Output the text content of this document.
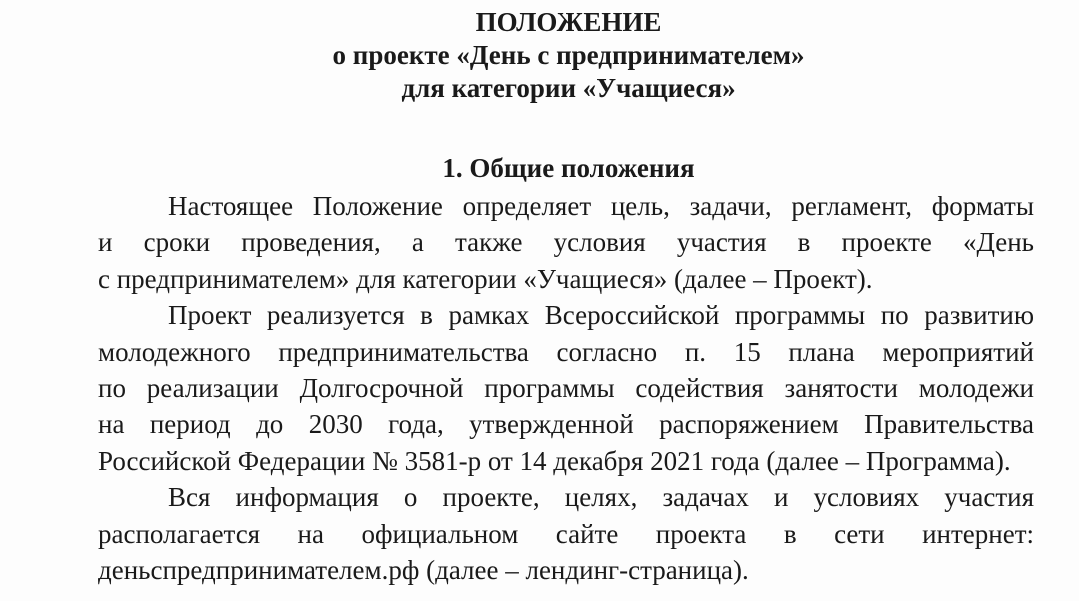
ПОЛОЖЕНИЕ
о проекте «День с предпринимателем»
для категории «Учащиеся»
1. Общие положения
Настоящее Положение определяет цель, задачи, регламент, форматы
и сроки проведения, а также условия участия в проекте «День
с предпринимателем» для категории «Учащиеся» (далее – Проект).
Проект реализуется в рамках Всероссийской программы по развитию
молодежного предпринимательства согласно п. 15 плана мероприятий
по реализации Долгосрочной программы содействия занятости молодежи
на период до 2030 года, утвержденной распоряжением Правительства
Российской Федерации № 3581-р от 14 декабря 2021 года (далее – Программа).
Вся информация о проекте, целях, задачах и условиях участия
располагается на официальном сайте проекта в сети интернет:
деньспредпринимателем.рф (далее – лендинг-страница).
